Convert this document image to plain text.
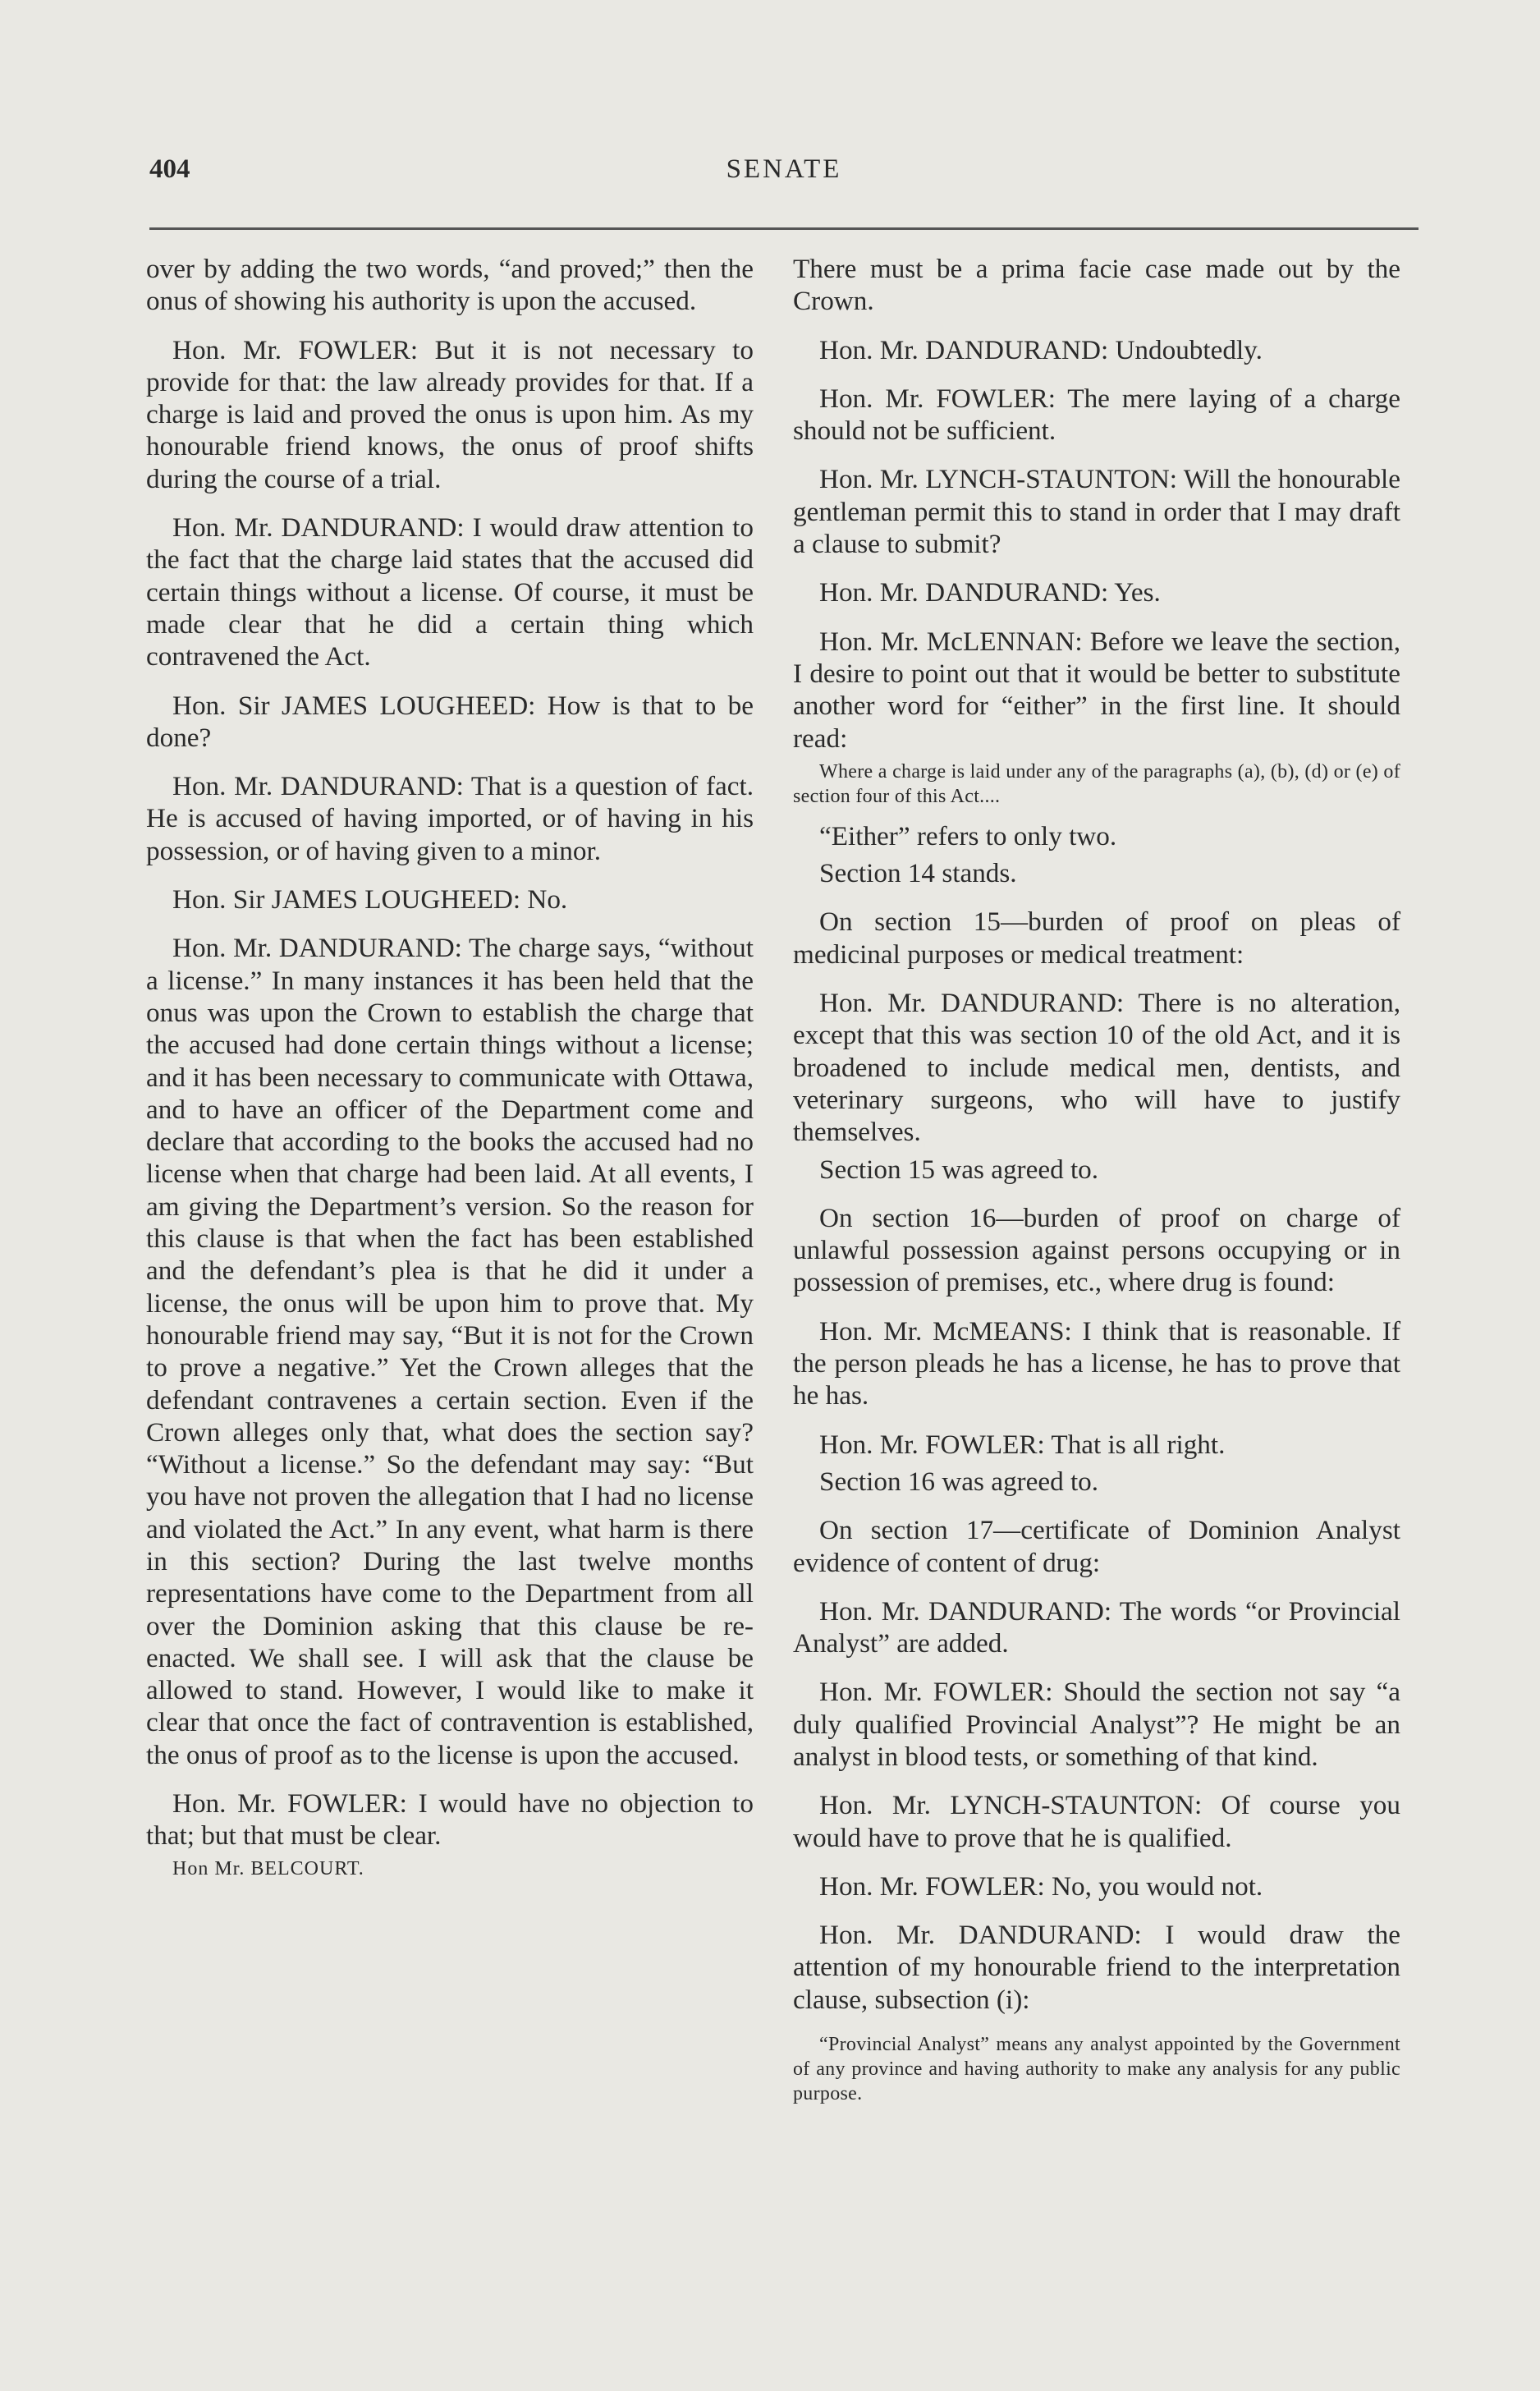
404	SENATE

over by adding the two words, “and proved;” then the onus of showing his authority is upon the accused.

Hon. Mr. FOWLER: But it is not necessary to provide for that: the law already provides for that. If a charge is laid and proved the onus is upon him. As my honourable friend knows, the onus of proof shifts during the course of a trial.

Hon. Mr. DANDURAND: I would draw attention to the fact that the charge laid states that the accused did certain things without a license. Of course, it must be made clear that he did a certain thing which contravened the Act.

Hon. Sir JAMES LOUGHEED: How is that to be done?

Hon. Mr. DANDURAND: That is a question of fact. He is accused of having imported, or of having in his possession, or of having given to a minor.

Hon. Sir JAMES LOUGHEED: No.

Hon. Mr. DANDURAND: The charge says, “without a license.” In many instances it has been held that the onus was upon the Crown to establish the charge that the accused had done certain things without a license; and it has been necessary to communicate with Ottawa, and to have an officer of the Department come and declare that according to the books the accused had no license when that charge had been laid. At all events, I am giving the Department’s version. So the reason for this clause is that when the fact has been established and the defendant’s plea is that he did it under a license, the onus will be upon him to prove that. My honourable friend may say, “But it is not for the Crown to prove a negative.” Yet the Crown alleges that the defendant contravenes a certain section. Even if the Crown alleges only that, what does the section say? “Without a license.” So the defendant may say: “But you have not proven the allegation that I had no license and violated the Act.” In any event, what harm is there in this section? During the last twelve months representations have come to the Department from all over the Dominion asking that this clause be re-enacted. We shall see. I will ask that the clause be allowed to stand. However, I would like to make it clear that once the fact of contravention is established, the onus of proof as to the license is upon the accused.

Hon. Mr. FOWLER: I would have no objection to that; but that must be clear.

Hon Mr. BELCOURT.

There must be a prima facie case made out by the Crown.

Hon. Mr. DANDURAND: Undoubtedly.

Hon. Mr. FOWLER: The mere laying of a charge should not be sufficient.

Hon. Mr. LYNCH-STAUNTON: Will the honourable gentleman permit this to stand in order that I may draft a clause to submit?

Hon. Mr. DANDURAND: Yes.

Hon. Mr. McLENNAN: Before we leave the section, I desire to point out that it would be better to substitute another word for “either” in the first line. It should read:

Where a charge is laid under any of the paragraphs (a), (b), (d) or (e) of section four of this Act....

“Either” refers to only two.

Section 14 stands.

On section 15—burden of proof on pleas of medicinal purposes or medical treatment:

Hon. Mr. DANDURAND: There is no alteration, except that this was section 10 of the old Act, and it is broadened to include medical men, dentists, and veterinary surgeons, who will have to justify themselves.

Section 15 was agreed to.

On section 16—burden of proof on charge of unlawful possession against persons occupying or in possession of premises, etc., where drug is found:

Hon. Mr. McMEANS: I think that is reasonable. If the person pleads he has a license, he has to prove that he has.

Hon. Mr. FOWLER: That is all right.

Section 16 was agreed to.

On section 17—certificate of Dominion Analyst evidence of content of drug:

Hon. Mr. DANDURAND: The words “or Provincial Analyst” are added.

Hon. Mr. FOWLER: Should the section not say “a duly qualified Provincial Analyst”? He might be an analyst in blood tests, or something of that kind.

Hon. Mr. LYNCH-STAUNTON: Of course you would have to prove that he is qualified.

Hon. Mr. FOWLER: No, you would not.

Hon. Mr. DANDURAND: I would draw the attention of my honourable friend to the interpretation clause, subsection (i):

“Provincial Analyst” means any analyst appointed by the Government of any province and having authority to make any analysis for any public purpose.
